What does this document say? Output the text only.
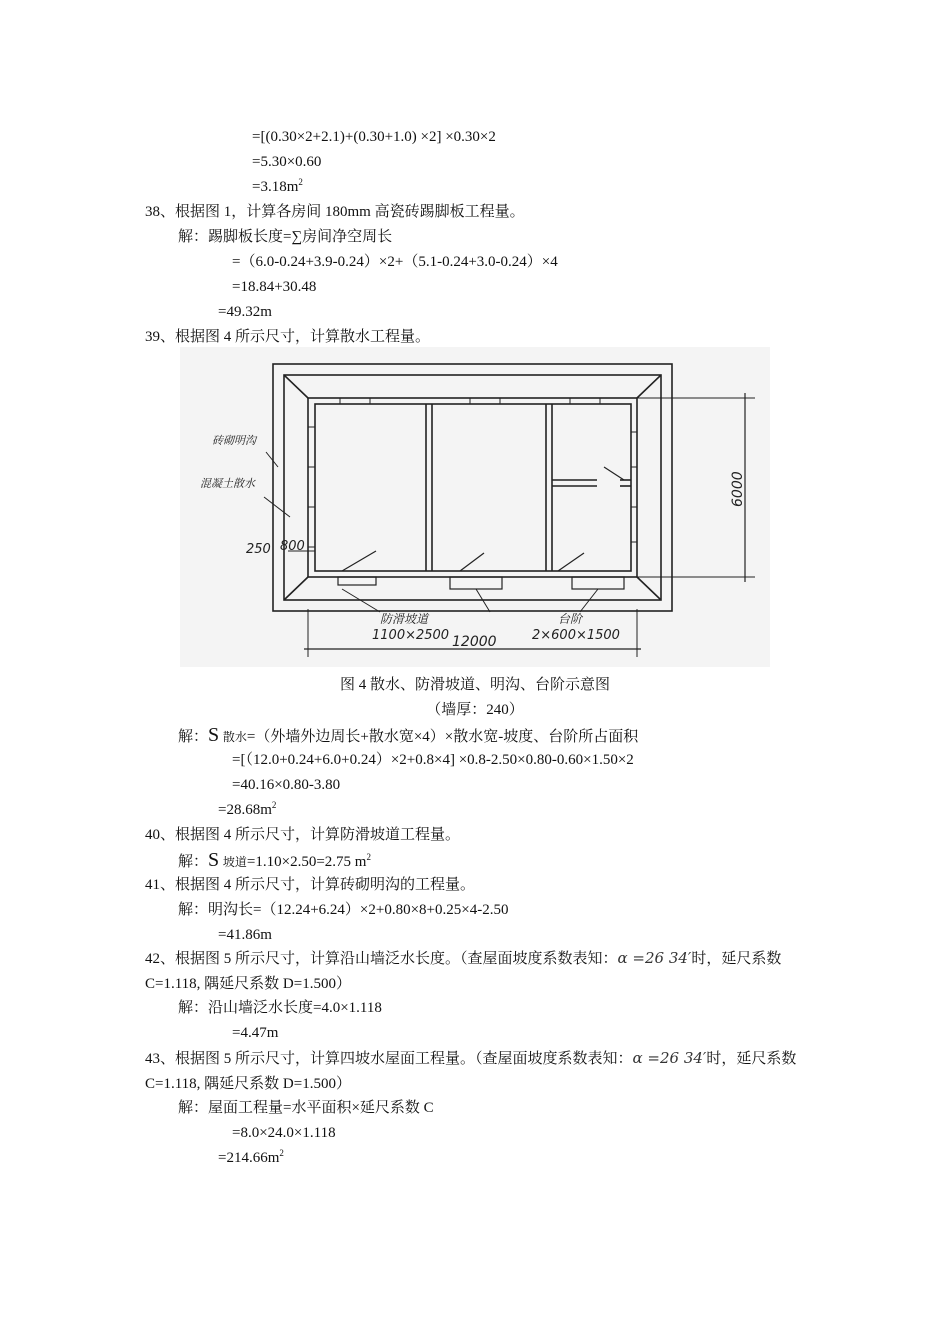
=[(0.30×2+2.1)+(0.30+1.0) ×2] ×0.30×2
=5.30×0.60
$=3.18m^2$
38、根据图 1，计算各房间 180mm 高瓷砖踢脚板工程量。
解：踢脚板长度=∑房间净空周长
=（6.0-0.24+3.9-0.24）×2+（5.1-0.24+3.0-0.24）×4
=18.84+30.48
=49.32m
39、根据图 4 所示尺寸，计算散水工程量。
砖砌明沟
混凝土散水
250 800
防滑坡道
1100×2500
台阶
2×600×1500
12000
6000
图 4 散水、防滑坡道、明沟、台阶示意图
（墙厚：240）
解：S 散水=（外墙外边周长+散水宽×4）×散水宽-坡度、台阶所占面积
=[（12.0+0.24+6.0+0.24）×2+0.8×4] ×0.8-2.50×0.80-0.60×1.50×2
=40.16×0.80-3.80
$=28.68m^2$
40、根据图 4 所示尺寸，计算防滑坡道工程量。
解：S 坡道=1.10×2.50=2.75 $m^2$
41、根据图 4 所示尺寸，计算砖砌明沟的工程量。
解：明沟长=（12.24+6.24）×2+0.80×8+0.25×4-2.50
=41.86m
42、根据图 5 所示尺寸，计算沿山墙泛水长度。（查屋面坡度系数表知：α =26 34′时，延尺系数 C=1.118, 隅延尺系数 D=1.500）
解：沿山墙泛水长度=4.0×1.118
=4.47m
43、根据图 5 所示尺寸，计算四坡水屋面工程量。（查屋面坡度系数表知：α =26 34′时，延尺系数 C=1.118, 隅延尺系数 D=1.500）
解：屋面工程量=水平面积×延尺系数 C
=8.0×24.0×1.118
$=214.66m^2$
